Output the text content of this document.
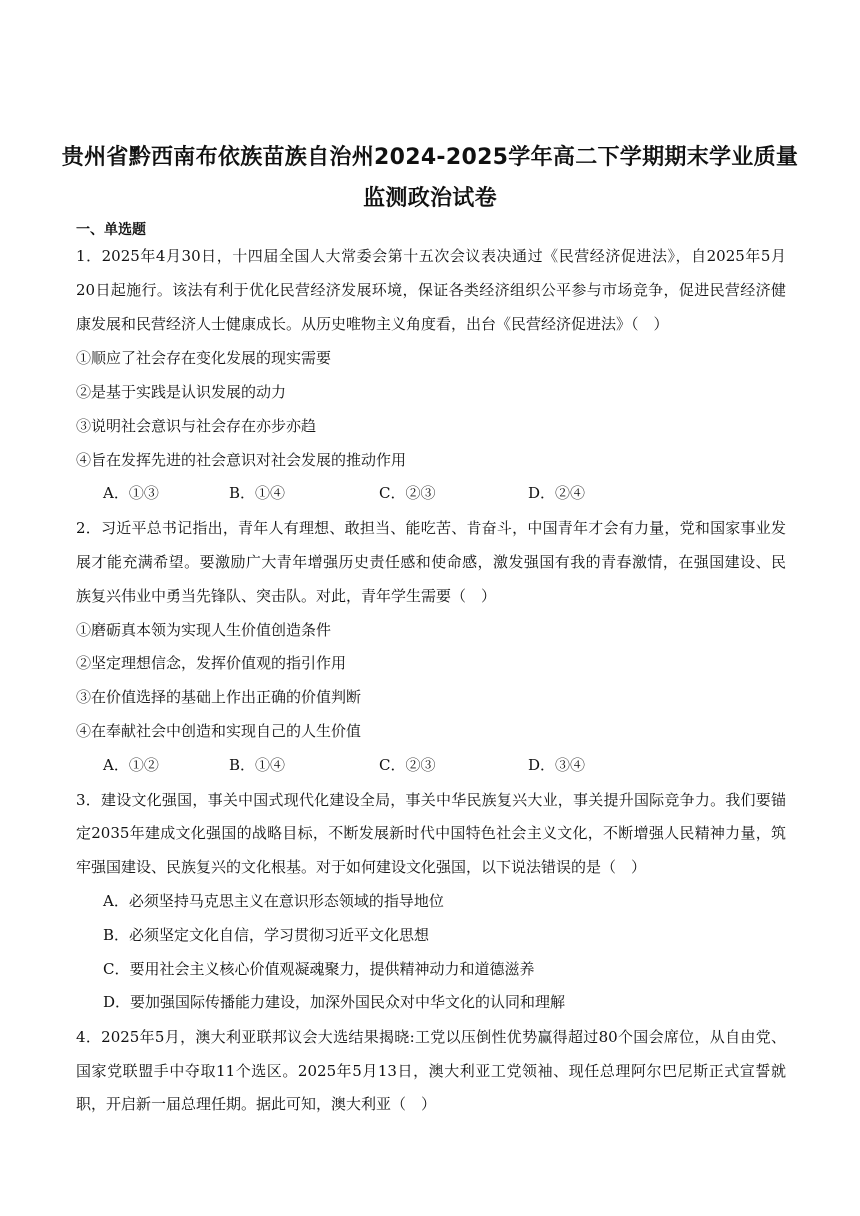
贵州省黔西南布依族苗族自治州2024-2025学年高二下学期期末学业质量
监测政治试卷
一、单选题
1．2025年4月30日，十四届全国人大常委会第十五次会议表决通过《民营经济促进法》，自2025年5月
20日起施行。该法有利于优化民营经济发展环境，保证各类经济组织公平参与市场竞争，促进民营经济健
康发展和民营经济人士健康成长。从历史唯物主义角度看，出台《民营经济促进法》（　）
①顺应了社会存在变化发展的现实需要
②是基于实践是认识发展的动力
③说明社会意识与社会存在亦步亦趋
④旨在发挥先进的社会意识对社会发展的推动作用
A．①③	B．①④	C．②③	D．②④
2．习近平总书记指出，青年人有理想、敢担当、能吃苦、肯奋斗，中国青年才会有力量，党和国家事业发
展才能充满希望。要激励广大青年增强历史责任感和使命感，激发强国有我的青春激情，在强国建设、民
族复兴伟业中勇当先锋队、突击队。对此，青年学生需要（　）
①磨砺真本领为实现人生价值创造条件
②坚定理想信念，发挥价值观的指引作用
③在价值选择的基础上作出正确的价值判断
④在奉献社会中创造和实现自己的人生价值
A．①②	B．①④	C．②③	D．③④
3．建设文化强国，事关中国式现代化建设全局，事关中华民族复兴大业，事关提升国际竞争力。我们要锚
定2035年建成文化强国的战略目标，不断发展新时代中国特色社会主义文化，不断增强人民精神力量，筑
牢强国建设、民族复兴的文化根基。对于如何建设文化强国，以下说法错误的是（　）
A．必须坚持马克思主义在意识形态领域的指导地位
B．必须坚定文化自信，学习贯彻习近平文化思想
C．要用社会主义核心价值观凝魂聚力，提供精神动力和道德滋养
D．要加强国际传播能力建设，加深外国民众对中华文化的认同和理解
4．2025年5月，澳大利亚联邦议会大选结果揭晓:工党以压倒性优势赢得超过80个国会席位，从自由党、
国家党联盟手中夺取11个选区。2025年5月13日，澳大利亚工党领袖、现任总理阿尔巴尼斯正式宣誓就
职，开启新一届总理任期。据此可知，澳大利亚（　）
